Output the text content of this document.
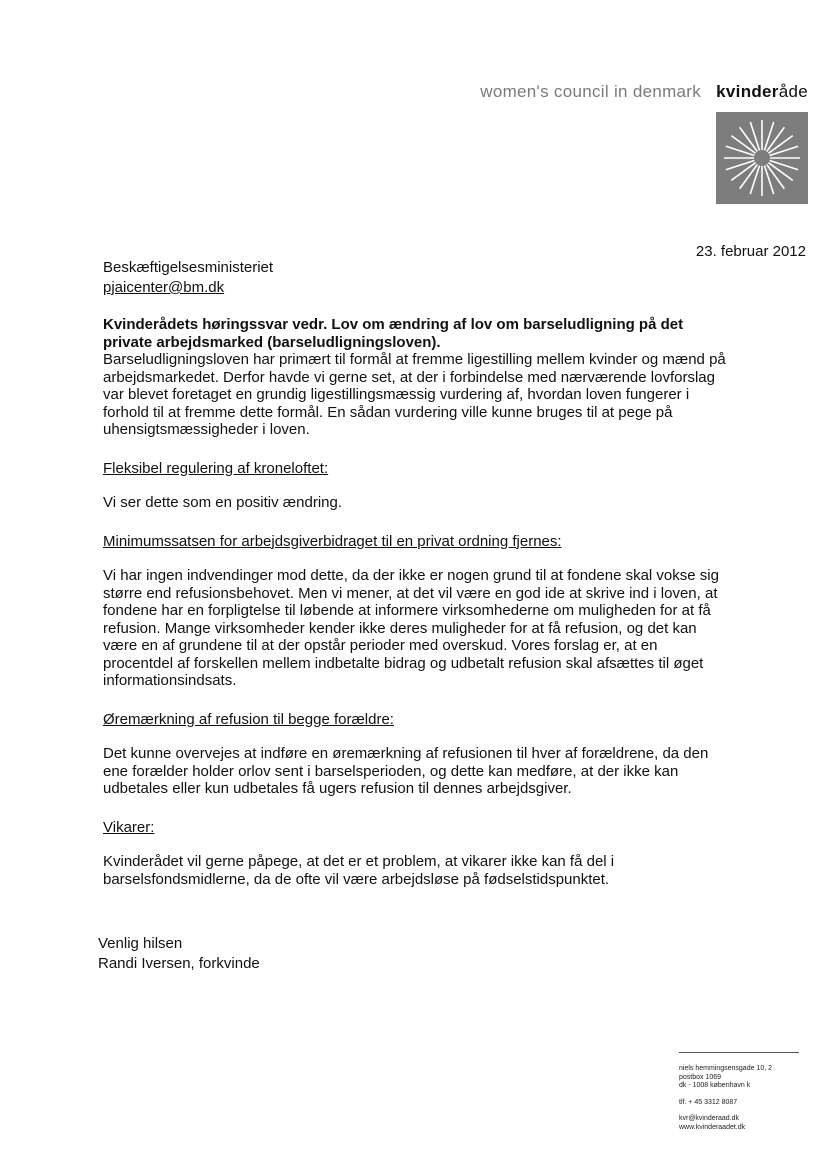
women's council in denmark kvinderåde
23. februar 2012
Beskæftigelsesministeriet
pjaicenter@bm.dk
Kvinderådets høringssvar vedr. Lov om ændring af lov om barseludligning på det
private arbejdsmarked (barseludligningsloven).
Barseludligningsloven har primært til formål at fremme ligestilling mellem kvinder og mænd på
arbejdsmarkedet. Derfor havde vi gerne set, at der i forbindelse med nærværende lovforslag
var blevet foretaget en grundig ligestillingsmæssig vurdering af, hvordan loven fungerer i
forhold til at fremme dette formål. En sådan vurdering ville kunne bruges til at pege på
uhensigtsmæssigheder i loven.
Fleksibel regulering af kroneloftet:
Vi ser dette som en positiv ændring.
Minimumssatsen for arbejdsgiverbidraget til en privat ordning fjernes:
Vi har ingen indvendinger mod dette, da der ikke er nogen grund til at fondene skal vokse sig
større end refusionsbehovet. Men vi mener, at det vil være en god ide at skrive ind i loven, at
fondene har en forpligtelse til løbende at informere virksomhederne om muligheden for at få
refusion. Mange virksomheder kender ikke deres muligheder for at få refusion, og det kan
være en af grundene til at der opstår perioder med overskud. Vores forslag er, at en
procentdel af forskellen mellem indbetalte bidrag og udbetalt refusion skal afsættes til øget
informationsindsats.
Øremærkning af refusion til begge forældre:
Det kunne overvejes at indføre en øremærkning af refusionen til hver af forældrene, da den
ene forælder holder orlov sent i barselsperioden, og dette kan medføre, at der ikke kan
udbetales eller kun udbetales få ugers refusion til dennes arbejdsgiver.
Vikarer:
Kvinderådet vil gerne påpege, at det er et problem, at vikarer ikke kan få del i
barselsfondsmidlerne, da de ofte vil være arbejdsløse på fødselstidspunktet.
Venlig hilsen
Randi Iversen, forkvinde
niels hemmingsensgade 10, 2
postbox 1069
dk - 1008 københavn k
tlf. + 45 3312 8087
kvr@kvinderaad.dk
www.kvinderaadet.dk
